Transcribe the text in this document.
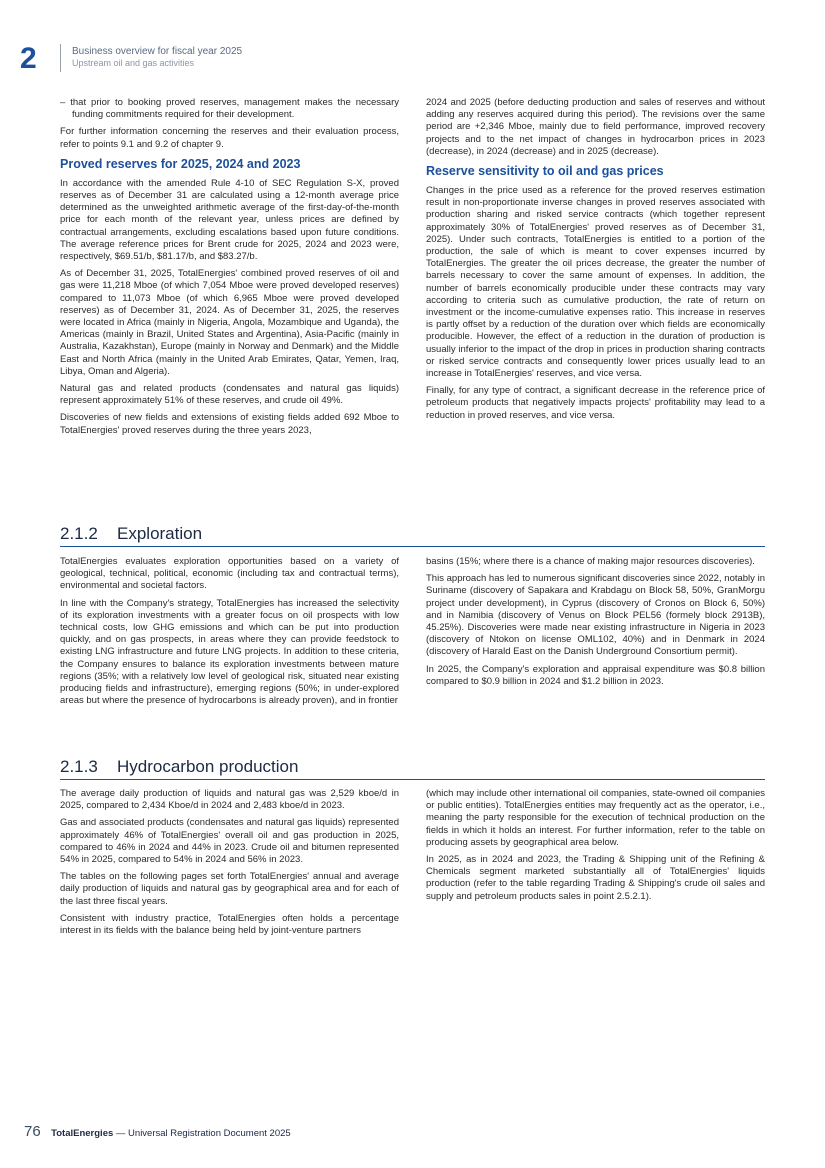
2	Business overview for fiscal year 2025
Upstream oil and gas activities

– that prior to booking proved reserves, management makes the necessary funding commitments required for their development.

For further information concerning the reserves and their evaluation process, refer to points 9.1 and 9.2 of chapter 9.

Proved reserves for 2025, 2024 and 2023

In accordance with the amended Rule 4-10 of SEC Regulation S-X, proved reserves as of December 31 are calculated using a 12-month average price determined as the unweighted arithmetic average of the first-day-of-the-month price for each month of the relevant year, unless prices are defined by contractual arrangements, excluding escalations based upon future conditions. The average reference prices for Brent crude for 2025, 2024 and 2023 were, respectively, $69.51/b, $81.17/b, and $83.27/b.

As of December 31, 2025, TotalEnergies' combined proved reserves of oil and gas were 11,218 Mboe (of which 7,054 Mboe were proved developed reserves) compared to 11,073 Mboe (of which 6,965 Mboe were proved developed reserves) as of December 31, 2024. As of December 31, 2025, the reserves were located in Africa (mainly in Nigeria, Angola, Mozambique and Uganda), the Americas (mainly in Brazil, United States and Argentina), Asia-Pacific (mainly in Australia, Kazakhstan), Europe (mainly in Norway and Denmark) and the Middle East and North Africa (mainly in the United Arab Emirates, Qatar, Yemen, Iraq, Libya, Oman and Algeria).

Natural gas and related products (condensates and natural gas liquids) represent approximately 51% of these reserves, and crude oil 49%.

Discoveries of new fields and extensions of existing fields added 692 Mboe to TotalEnergies' proved reserves during the three years 2023,

2024 and 2025 (before deducting production and sales of reserves and without adding any reserves acquired during this period). The revisions over the same period are +2,346 Mboe, mainly due to field performance, improved recovery projects and to the net impact of changes in hydrocarbon prices in 2023 (decrease), in 2024 (decrease) and in 2025 (decrease).

Reserve sensitivity to oil and gas prices

Changes in the price used as a reference for the proved reserves estimation result in non-proportionate inverse changes in proved reserves associated with production sharing and risked service contracts (which together represent approximately 30% of TotalEnergies' proved reserves as of December 31, 2025). Under such contracts, TotalEnergies is entitled to a portion of the production, the sale of which is meant to cover expenses incurred by TotalEnergies. The greater the oil prices decrease, the greater the number of barrels necessary to cover the same amount of expenses. In addition, the number of barrels economically producible under these contracts may vary according to criteria such as cumulative production, the rate of return on investment or the income-cumulative expenses ratio. This increase in reserves is partly offset by a reduction of the duration over which fields are economically producible. However, the effect of a reduction in the duration of production is usually inferior to the impact of the drop in prices in production sharing contracts or risked service contracts and consequently lower prices usually lead to an increase in TotalEnergies' reserves, and vice versa.

Finally, for any type of contract, a significant decrease in the reference price of petroleum products that negatively impacts projects' profitability may lead to a reduction in proved reserves, and vice versa.

2.1.2 Exploration

TotalEnergies evaluates exploration opportunities based on a variety of geological, technical, political, economic (including tax and contractual terms), environmental and societal factors.

In line with the Company's strategy, TotalEnergies has increased the selectivity of its exploration investments with a greater focus on oil prospects with low technical costs, low GHG emissions and which can be put into production quickly, and on gas prospects, in areas where they can provide feedstock to existing LNG infrastructure and future LNG projects. In addition to these criteria, the Company ensures to balance its exploration investments between mature regions (35%; with a relatively low level of geological risk, situated near existing producing fields and infrastructure), emerging regions (50%; in under-explored areas but where the presence of hydrocarbons is already proven), and in frontier

basins (15%; where there is a chance of making major resources discoveries).

This approach has led to numerous significant discoveries since 2022, notably in Suriname (discovery of Sapakara and Krabdagu on Block 58, 50%, GranMorgu project under development), in Cyprus (discovery of Cronos on Block 6, 50%) and in Namibia (discovery of Venus on Block PEL56 (formely block 2913B), 45.25%). Discoveries were made near existing infrastructure in Nigeria in 2023 (discovery of Ntokon on license OML102, 40%) and in Denmark in 2024 (discovery of Harald East on the Danish Underground Consortium permit).

In 2025, the Company's exploration and appraisal expenditure was $0.8 billion compared to $0.9 billion in 2024 and $1.2 billion in 2023.

2.1.3 Hydrocarbon production

The average daily production of liquids and natural gas was 2,529 kboe/d in 2025, compared to 2,434 Kboe/d in 2024 and 2,483 kboe/d in 2023.

Gas and associated products (condensates and natural gas liquids) represented approximately 46% of TotalEnergies' overall oil and gas production in 2025, compared to 46% in 2024 and 44% in 2023. Crude oil and bitumen represented 54% in 2025, compared to 54% in 2024 and 56% in 2023.

The tables on the following pages set forth TotalEnergies' annual and average daily production of liquids and natural gas by geographical area and for each of the last three fiscal years.

Consistent with industry practice, TotalEnergies often holds a percentage interest in its fields with the balance being held by joint-venture partners

(which may include other international oil companies, state-owned oil companies or public entities). TotalEnergies entities may frequently act as the operator, i.e., meaning the party responsible for the execution of technical production on the fields in which it holds an interest. For further information, refer to the table on producing assets by geographical area below.

In 2025, as in 2024 and 2023, the Trading & Shipping unit of the Refining & Chemicals segment marketed substantially all of TotalEnergies' liquids production (refer to the table regarding Trading & Shipping's crude oil sales and supply and petroleum products sales in point 2.5.2.1).

76 TotalEnergies — Universal Registration Document 2025
